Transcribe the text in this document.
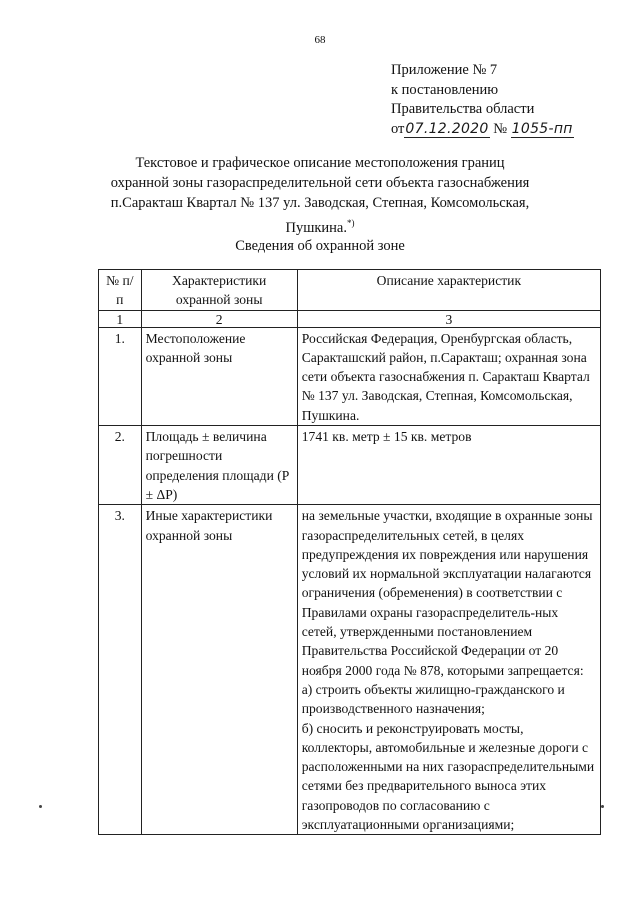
68
Приложение № 7
к постановлению
Правительства области
от07.12.2020 № 1055-пп
Текстовое и графическое описание местоположения границ
охранной зоны газораспределительной сети объекта газоснабжения
п.Саракташ Квартал № 137 ул. Заводская, Степная, Комсомольская,
Пушкина.*)
Сведения об охранной зоне
№ п/п	Характеристики охранной зоны	Описание характеристик
1	2	3
1.	Местоположение охранной зоны	Российская Федерация, Оренбургская область, Саракташский район, п.Саракташ; охранная зона сети объекта газоснабжения п. Саракташ Квартал № 137 ул. Заводская, Степная, Комсомольская, Пушкина.
2.	Площадь ± величина погрешности определения площади (P ± ΔP)	1741 кв. метр ± 15 кв. метров
3.	Иные характеристики охранной зоны	на земельные участки, входящие в охранные зоны газораспределительных сетей, в целях предупреждения их повреждения или нарушения условий их нормальной эксплуатации налагаются ограничения (обременения) в соответствии с Правилами охраны газораспределитель-ных сетей, утвержденными постановлением Правительства Российской Федерации от 20 ноября 2000 года № 878, которыми запрещается:
а) строить объекты жилищно-гражданского и производственного назначения;
б) сносить и реконструировать мосты, коллекторы, автомобильные и железные дороги с расположенными на них газораспределительными сетями без предварительного выноса этих газопроводов по согласованию с эксплуатационными организациями;
